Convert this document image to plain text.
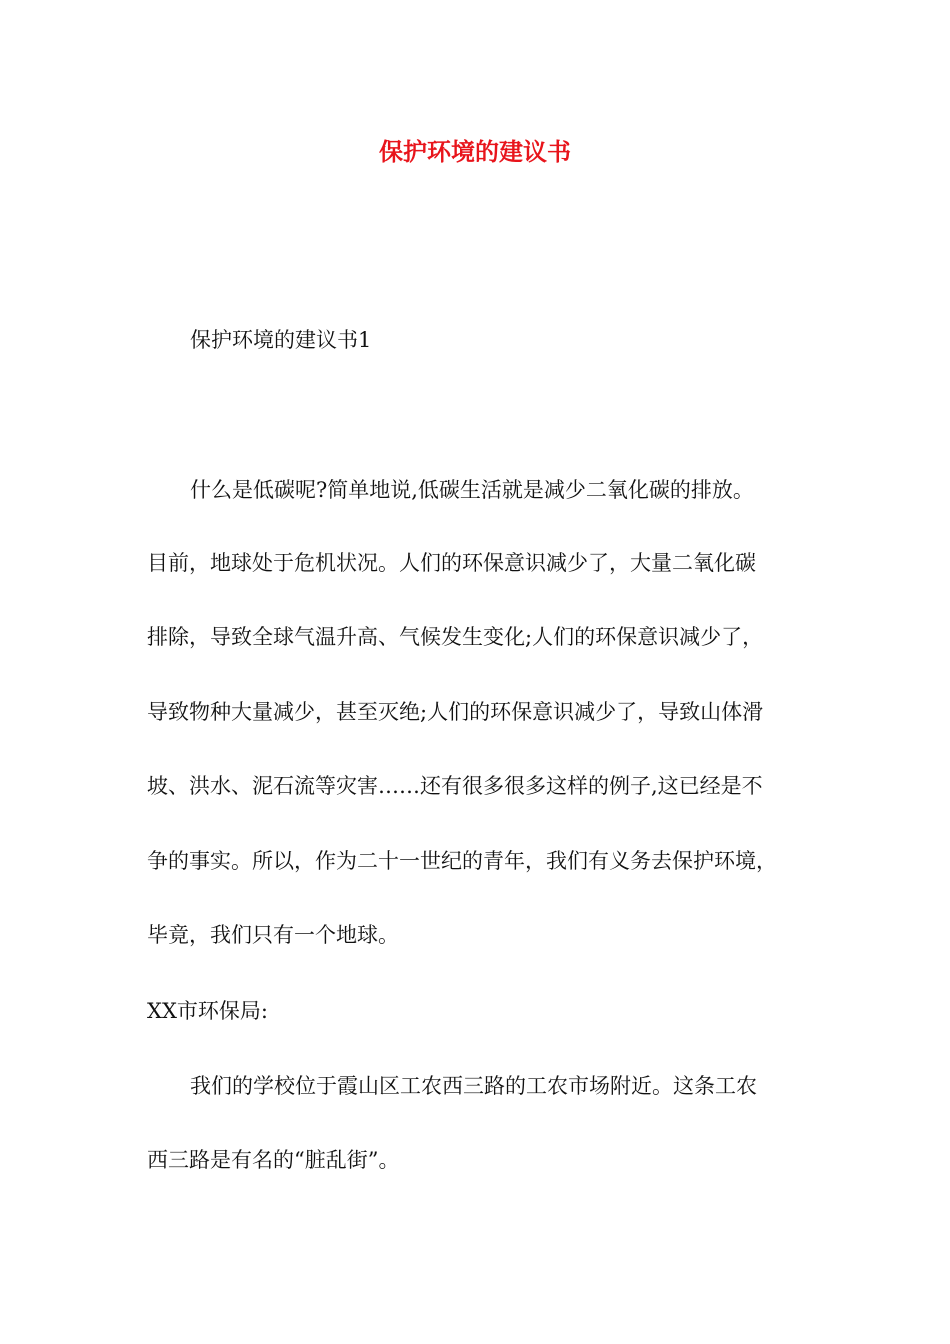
保护环境的建议书

保护环境的建议书1

什么是低碳呢?简单地说,低碳生活就是减少二氧化碳的排放。

目前，地球处于危机状况。人们的环保意识减少了，大量二氧化碳

排除，导致全球气温升高、气候发生变化;人们的环保意识减少了，

导致物种大量减少，甚至灭绝;人们的环保意识减少了，导致山体滑

坡、洪水、泥石流等灾害……还有很多很多这样的例子,这已经是不

争的事实。所以，作为二十一世纪的青年，我们有义务去保护环境，

毕竟，我们只有一个地球。

XX市环保局:

我们的学校位于霞山区工农西三路的工农市场附近。这条工农

西三路是有名的“脏乱街”。
